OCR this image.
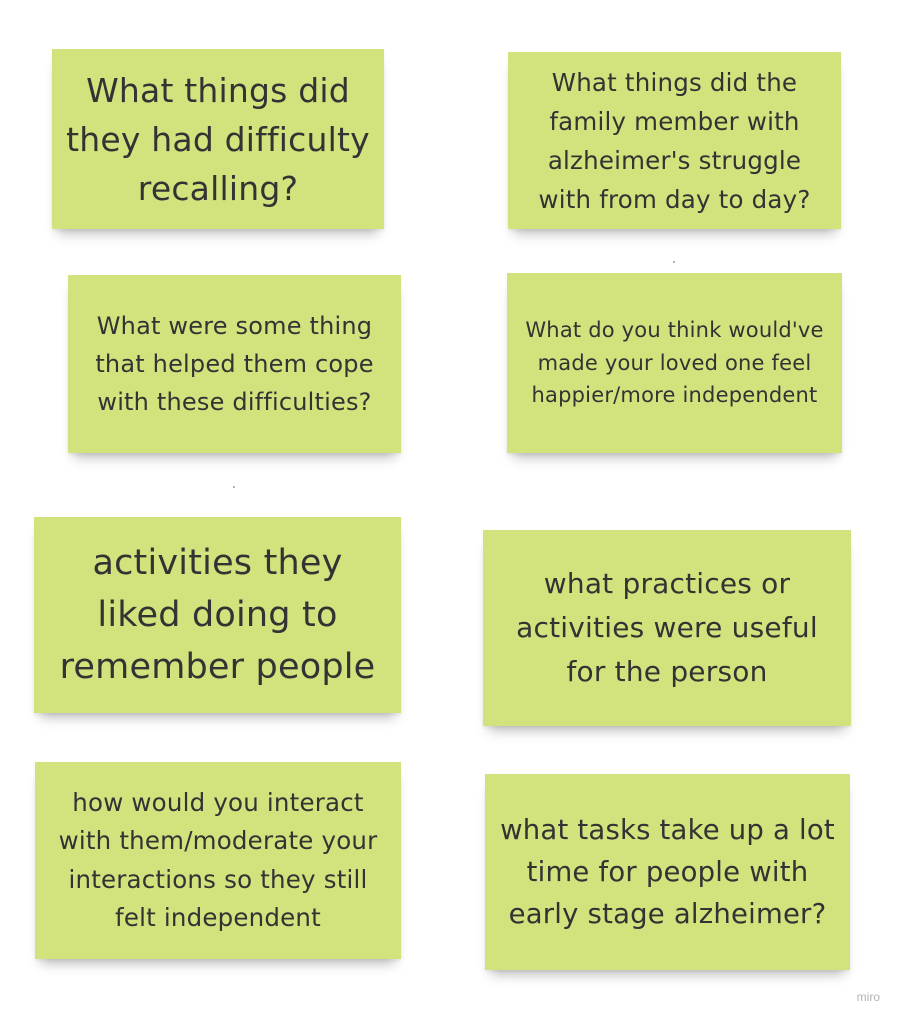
What things did they had difficulty recalling?
What things did the family member with alzheimer's struggle with from day to day?
What were some thing that helped them cope with these difficulties?
What do you think would've made your loved one feel happier/more independent
activities they liked doing to remember people
what practices or activities were useful for the person
how would you interact with them/moderate your interactions so they still felt independent
what tasks take up a lot time for people with early stage alzheimer?
miro
